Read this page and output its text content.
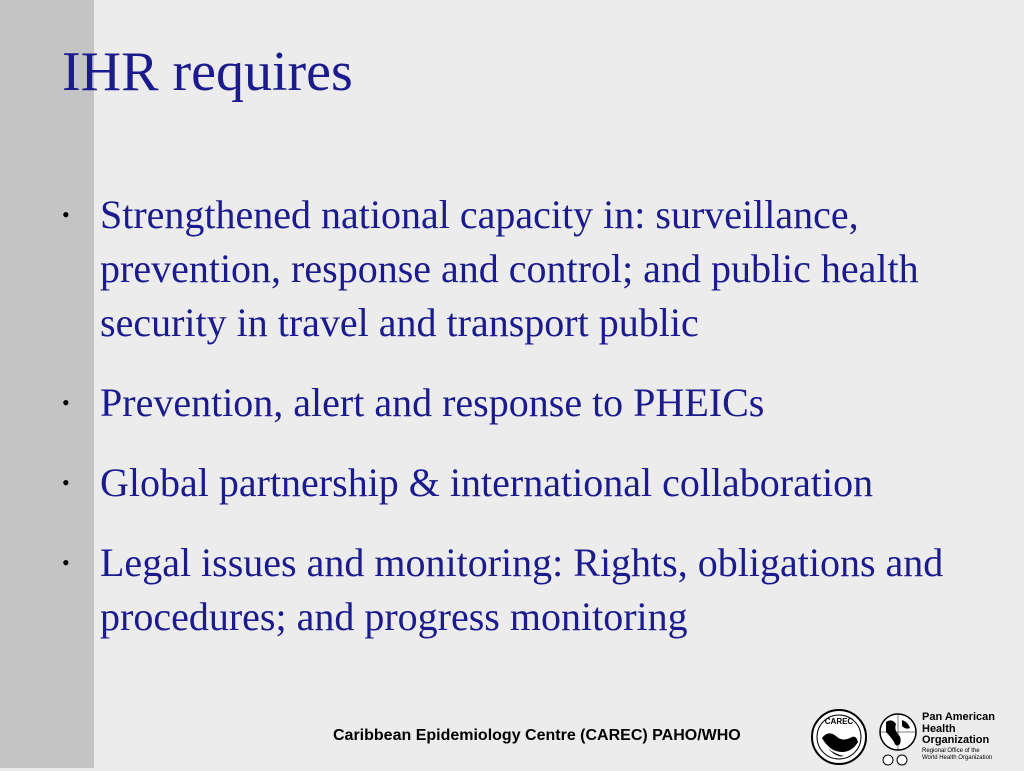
IHR requires
• Strengthened national capacity in: surveillance, prevention, response and control; and public health security in travel and transport public
• Prevention, alert and response to PHEICs
• Global partnership & international collaboration
• Legal issues and monitoring: Rights, obligations and procedures; and progress monitoring
Caribbean Epidemiology Centre (CAREC) PAHO/WHO
CAREC	Pan American
Health
Organization
Regional Office of the
World Health Organization
